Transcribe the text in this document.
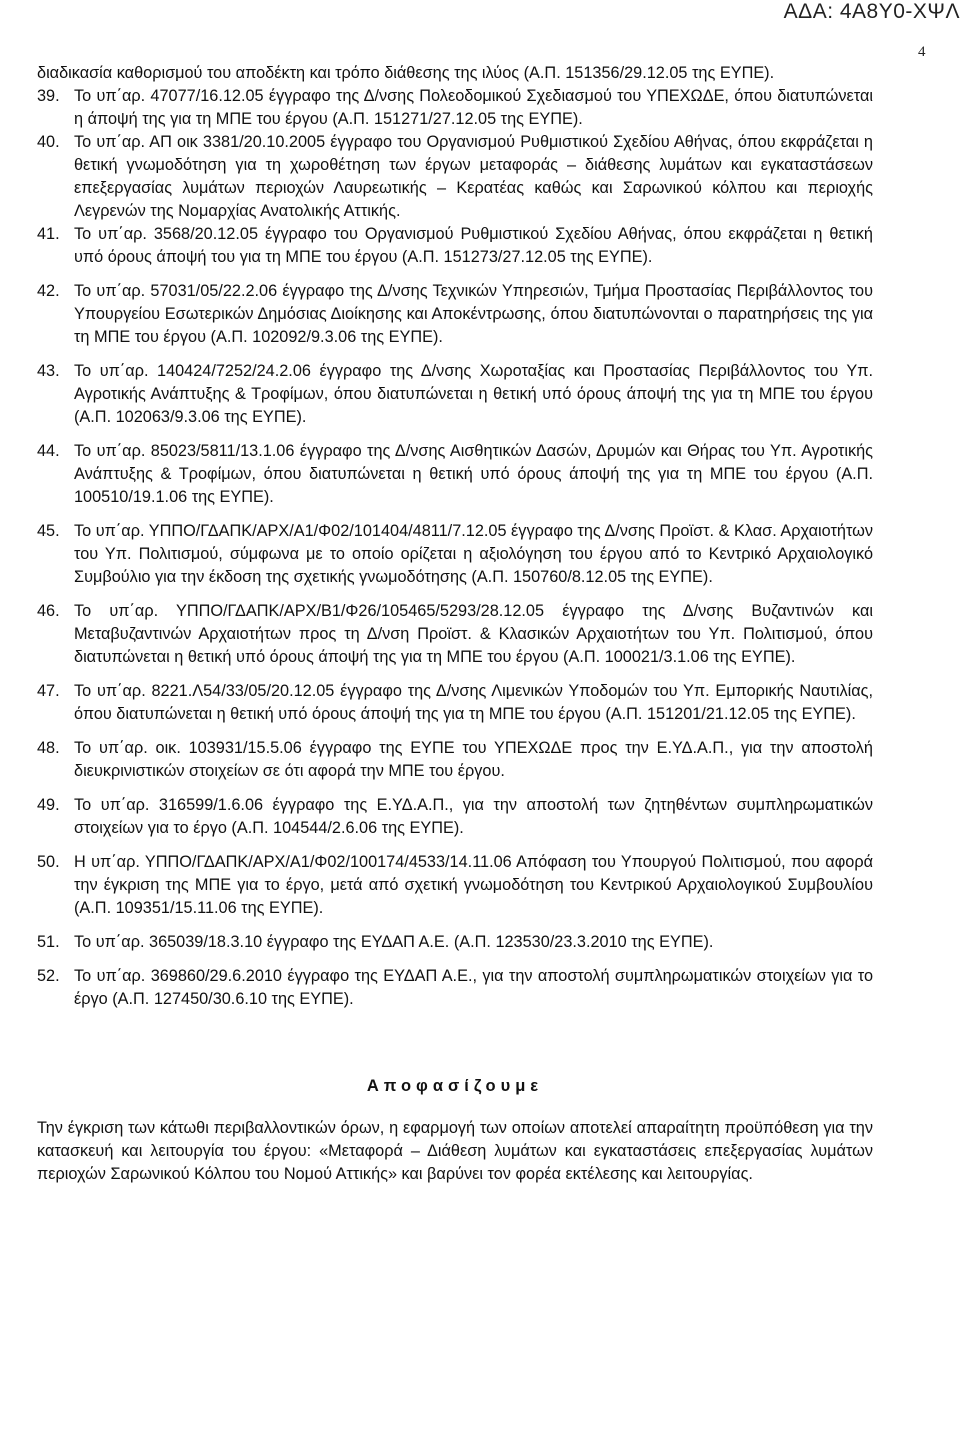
ΑΔΑ: 4Α8Υ0-ΧΨΛ
4

διαδικασία καθορισμού του αποδέκτη και τρόπο διάθεσης της ιλύος (Α.Π. 151356/29.12.05 της ΕΥΠΕ).

39. Το υπ΄αρ. 47077/16.12.05 έγγραφο της Δ/νσης Πολεοδομικού Σχεδιασμού του ΥΠΕΧΩΔΕ, όπου διατυπώνεται η άποψή της για τη ΜΠΕ του έργου (Α.Π. 151271/27.12.05 της ΕΥΠΕ).
40. Το υπ΄αρ. ΑΠ οικ 3381/20.10.2005 έγγραφο του Οργανισμού Ρυθμιστικού Σχεδίου Αθήνας, όπου εκφράζεται η θετική γνωμοδότηση για τη χωροθέτηση των έργων μεταφοράς – διάθεσης λυμάτων και εγκαταστάσεων επεξεργασίας λυμάτων περιοχών Λαυρεωτικής – Κερατέας καθώς και Σαρωνικού κόλπου και περιοχής Λεγρενών της Νομαρχίας Ανατολικής Αττικής.
41. Το υπ΄αρ. 3568/20.12.05 έγγραφο του Οργανισμού Ρυθμιστικού Σχεδίου Αθήνας, όπου εκφράζεται η θετική υπό όρους άποψή του για τη ΜΠΕ του έργου (Α.Π. 151273/27.12.05 της ΕΥΠΕ).
42. Το υπ΄αρ. 57031/05/22.2.06 έγγραφο της Δ/νσης Τεχνικών Υπηρεσιών, Τμήμα Προστασίας Περιβάλλοντος του Υπουργείου Εσωτερικών Δημόσιας Διοίκησης και Αποκέντρωσης, όπου διατυπώνονται ο παρατηρήσεις της για τη ΜΠΕ του έργου (Α.Π. 102092/9.3.06 της ΕΥΠΕ).
43. Το υπ΄αρ. 140424/7252/24.2.06 έγγραφο της Δ/νσης Χωροταξίας και Προστασίας Περιβάλλοντος του Υπ. Αγροτικής Ανάπτυξης & Τροφίμων, όπου διατυπώνεται η θετική υπό όρους άποψή της για τη ΜΠΕ του έργου (Α.Π. 102063/9.3.06 της ΕΥΠΕ).
44. Το υπ΄αρ. 85023/5811/13.1.06 έγγραφο της Δ/νσης Αισθητικών Δασών, Δρυμών και Θήρας του Υπ. Αγροτικής Ανάπτυξης & Τροφίμων, όπου διατυπώνεται η θετική υπό όρους άποψή της για τη ΜΠΕ του έργου (Α.Π. 100510/19.1.06 της ΕΥΠΕ).
45. Το υπ΄αρ. ΥΠΠΟ/ΓΔΑΠΚ/ΑΡΧ/Α1/Φ02/101404/4811/7.12.05 έγγραφο της Δ/νσης Προϊστ. & Κλασ. Αρχαιοτήτων του Υπ. Πολιτισμού, σύμφωνα με το οποίο ορίζεται η αξιολόγηση του έργου από το Κεντρικό Αρχαιολογικό Συμβούλιο για την έκδοση της σχετικής γνωμοδότησης (Α.Π. 150760/8.12.05 της ΕΥΠΕ).
46. Το υπ΄αρ. ΥΠΠΟ/ΓΔΑΠΚ/ΑΡΧ/Β1/Φ26/105465/5293/28.12.05 έγγραφο της Δ/νσης Βυζαντινών και Μεταβυζαντινών Αρχαιοτήτων προς τη Δ/νση Προϊστ. & Κλασικών Αρχαιοτήτων του Υπ. Πολιτισμού, όπου διατυπώνεται η θετική υπό όρους άποψή της για τη ΜΠΕ του έργου (Α.Π. 100021/3.1.06 της ΕΥΠΕ).
47. Το υπ΄αρ. 8221.Λ54/33/05/20.12.05 έγγραφο της Δ/νσης Λιμενικών Υποδομών του Υπ. Εμπορικής Ναυτιλίας, όπου διατυπώνεται η θετική υπό όρους άποψή της για τη ΜΠΕ του έργου (Α.Π. 151201/21.12.05 της ΕΥΠΕ).
48. Το υπ΄αρ. οικ. 103931/15.5.06 έγγραφο της ΕΥΠΕ του ΥΠΕΧΩΔΕ προς την Ε.ΥΔ.Α.Π., για την αποστολή διευκρινιστικών στοιχείων σε ότι αφορά την ΜΠΕ του έργου.
49. Το υπ΄αρ. 316599/1.6.06 έγγραφο της Ε.ΥΔ.Α.Π., για την αποστολή των ζητηθέντων συμπληρωματικών στοιχείων για το έργο (Α.Π. 104544/2.6.06 της ΕΥΠΕ).
50. Η υπ΄αρ. ΥΠΠΟ/ΓΔΑΠΚ/ΑΡΧ/Α1/Φ02/100174/4533/14.11.06 Απόφαση του Υπουργού Πολιτισμού, που αφορά την έγκριση της ΜΠΕ για το έργο, μετά από σχετική γνωμοδότηση του Κεντρικού Αρχαιολογικού Συμβουλίου (Α.Π. 109351/15.11.06 της ΕΥΠΕ).
51. Το υπ΄αρ. 365039/18.3.10 έγγραφο της ΕΥΔΑΠ Α.Ε. (Α.Π. 123530/23.3.2010 της ΕΥΠΕ).
52. Το υπ΄αρ. 369860/29.6.2010 έγγραφο της ΕΥΔΑΠ Α.Ε., για την αποστολή συμπληρωματικών στοιχείων για το έργο (Α.Π. 127450/30.6.10 της ΕΥΠΕ).
Αποφασίζουμε

Την έγκριση των κάτωθι περιβαλλοντικών όρων, η εφαρμογή των οποίων αποτελεί απαραίτητη προϋπόθεση για την κατασκευή και λειτουργία του έργου: «Μεταφορά – Διάθεση λυμάτων και εγκαταστάσεις επεξεργασίας λυμάτων περιοχών Σαρωνικού Κόλπου του Νομού Αττικής» και βαρύνει τον φορέα εκτέλεσης και λειτουργίας.
